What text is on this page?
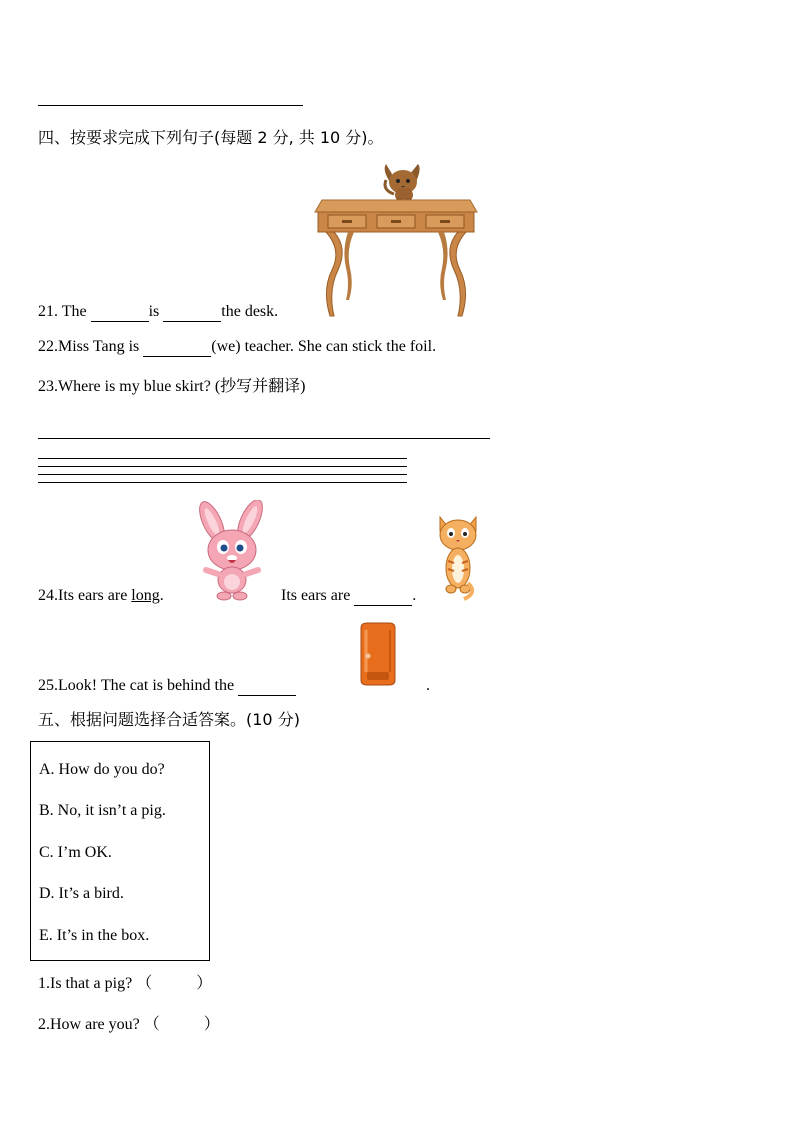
四、按要求完成下列句子(每题 2 分, 共 10 分)。
21. The	is	the desk.
22.Miss Tang is	(we) teacher. She can stick the foil.
23.Where is my blue skirt? (抄写并翻译)
24.Its ears are long.	Its ears are	.
25.Look! The cat is behind the	.
五、根据问题选择合适答案。(10 分)
A. How do you do?
B. No, it isn’t a pig.
C. I’m OK.
D. It’s a bird.
E. It’s in the box.
1.Is that a pig? （	）
2.How are you? （	）
